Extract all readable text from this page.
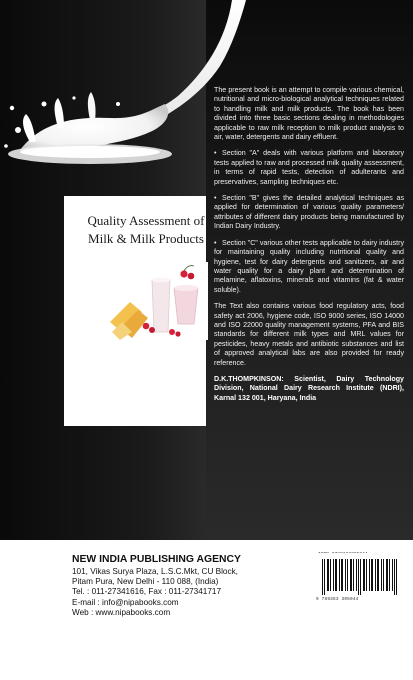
Quality Assessment of
Milk & Milk Products

The present book is an attempt to compile various chemical, nutritional and micro-biological analytical techniques related to handling milk and milk products. The book has been divided into three basic sections dealing in methodologies applicable to raw milk reception to milk product analysis to air, water, detergents and dairy effluent.

• Section "A" deals with various platform and laboratory tests applied to raw and processed milk quality assessment, in terms of rapid tests, detection of adulterants and preservatives, sampling techniques etc.

• Section "B" gives the detailed analytical techniques as applied for determination of various quality parameters/ attributes of different dairy products being manufactured by Indian Dairy Industry.

• Section "C" various other tests applicable to dairy industry for maintaining quality including nutritional quality and hygiene, test for dairy detergents and sanitizers, air and water quality for a dairy plant and determination of melamine, aflatoxins, minerals and vitamins (fat & water soluble).

The Text also contains various food regulatory acts, food safety act 2006, hygiene code, ISO 9000 series, ISO 14000 and ISO 22000 quality management systems, PFA and BIS standards for different milk types and MRL values for pesticides, heavy metals and antibiotic substances and list of approved analytical labs are also provided for ready reference.

D.K.THOMPKINSON: Scientist, Dairy Technology Division, National Dairy Research Institute (NDRI), Karnal 132 001, Haryana, India

NEW INDIA PUBLISHING AGENCY
101, Vikas Surya Plaza, L.S.C.Mkt, CU Block,
Pitam Pura, New Delhi - 110 088, (India)
Tel. : 011-27341616, Fax : 011-27341717
E-mail : info@nipabooks.com
Web : www.nipabooks.com
9 789383 305044
